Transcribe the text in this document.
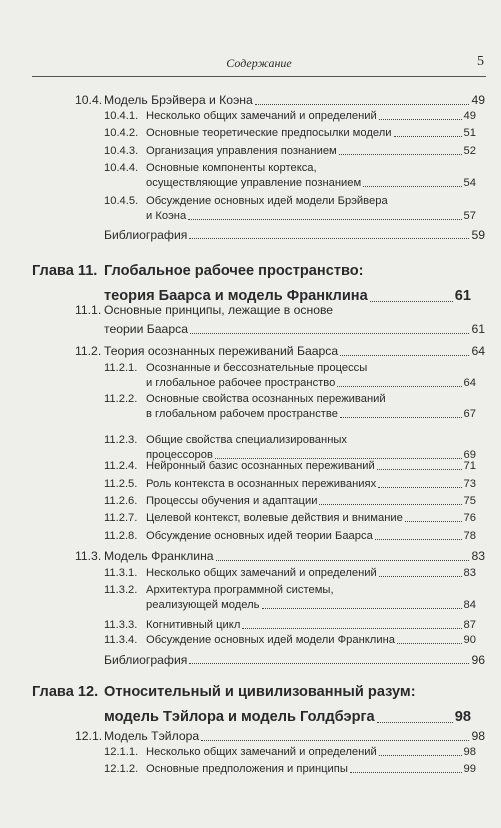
Содержание	5
10.4. Модель Брэйвера и Коэна	49
10.4.1. Несколько общих замечаний и определений	49
10.4.2. Основные теоретические предпосылки модели	51
10.4.3. Организация управления познанием	52
10.4.4. Основные компоненты кортекса,
осуществляющие управление познанием	54
10.4.5. Обсуждение основных идей модели Брэйвера
и Коэна	57
Библиография	59
Глава 11. Глобальное рабочее пространство:
теория Баарса и модель Франклина	61
11.1. Основные принципы, лежащие в основе
теории Баарса	61
11.2. Теория осознанных переживаний Баарса	64
11.2.1. Осознанные и бессознательные процессы
и глобальное рабочее пространство	64
11.2.2. Основные свойства осознанных переживаний
в глобальном рабочем пространстве	67
11.2.3. Общие свойства специализированных
процессоров	69
11.2.4. Нейронный базис осознанных переживаний	71
11.2.5. Роль контекста в осознанных переживаниях	73
11.2.6. Процессы обучения и адаптации	75
11.2.7. Целевой контекст, волевые действия и внимание	76
11.2.8. Обсуждение основных идей теории Баарса	78
11.3. Модель Франклина	83
11.3.1. Несколько общих замечаний и определений	83
11.3.2. Архитектура программной системы,
реализующей модель	84
11.3.3. Когнитивный цикл	87
11.3.4. Обсуждение основных идей модели Франклина	90
Библиография	96
Глава 12. Относительный и цивилизованный разум:
модель Тэйлора и модель Голдбэрга	98
12.1. Модель Тэйлора	98
12.1.1. Несколько общих замечаний и определений	98
12.1.2. Основные предположения и принципы	99
